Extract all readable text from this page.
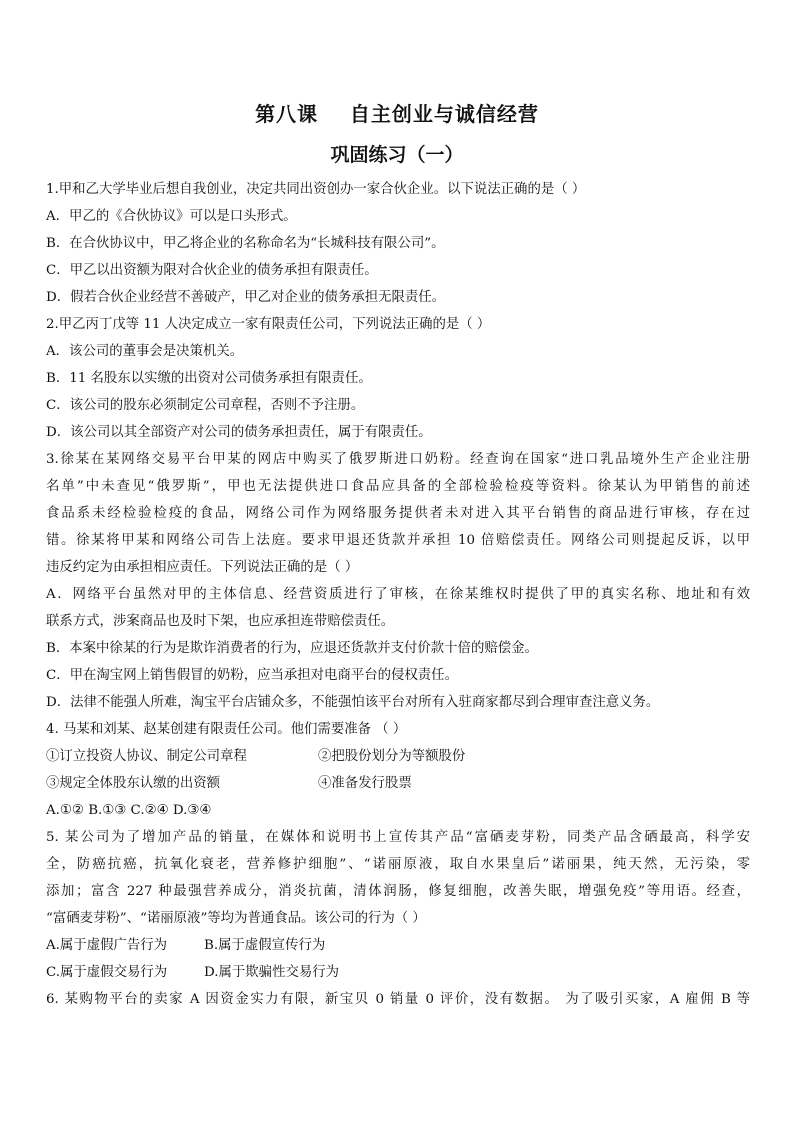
第八课    自主创业与诚信经营
巩固练习（一）
1.甲和乙大学毕业后想自我创业，决定共同出资创办一家合伙企业。以下说法正确的是（ ）
A．甲乙的《合伙协议》可以是口头形式。
B．在合伙协议中，甲乙将企业的名称命名为“长城科技有限公司”。
C．甲乙以出资额为限对合伙企业的债务承担有限责任。
D．假若合伙企业经营不善破产，甲乙对企业的债务承担无限责任。
2.甲乙丙丁戊等 11 人决定成立一家有限责任公司，下列说法正确的是（ ）
A．该公司的董事会是决策机关。
B．11 名股东以实缴的出资对公司债务承担有限责任。
C．该公司的股东必须制定公司章程，否则不予注册。
D．该公司以其全部资产对公司的债务承担责任，属于有限责任。
3.徐某在某网络交易平台甲某的网店中购买了俄罗斯进口奶粉。经查询在国家“进口乳品境外生产企业注册
名单”中未查见“俄罗斯”，甲也无法提供进口食品应具备的全部检验检疫等资料。徐某认为甲销售的前述
食品系未经检验检疫的食品，网络公司作为网络服务提供者未对进入其平台销售的商品进行审核，存在过
错。徐某将甲某和网络公司告上法庭。要求甲退还货款并承担 10 倍赔偿责任。网络公司则提起反诉，以甲
违反约定为由承担相应责任。下列说法正确的是（ ）
A．网络平台虽然对甲的主体信息、经营资质进行了审核，在徐某维权时提供了甲的真实名称、地址和有效
联系方式，涉案商品也及时下架，也应承担连带赔偿责任。
B．本案中徐某的行为是欺诈消费者的行为，应退还货款并支付价款十倍的赔偿金。
C．甲在淘宝网上销售假冒的奶粉，应当承担对电商平台的侵权责任。
D．法律不能强人所难，淘宝平台店铺众多，不能强怕该平台对所有入驻商家都尽到合理审查注意义务。
4. 马某和刘某、赵某创建有限责任公司。他们需要准备 （ ）
①订立投资人协议、制定公司章程	②把股份划分为等额股份
③规定全体股东认缴的出资额	④准备发行股票
A.①② B.①③ C.②④ D.③④
5. 某公司为了增加产品的销量，在媒体和说明书上宣传其产品“富硒麦芽粉，同类产品含硒最高，科学安
全，防癌抗癌，抗氧化衰老，营养修护细胞”、“诺丽原液，取自水果皇后”诺丽果，纯天然，无污染，零
添加；富含 227 种最强营养成分，消炎抗菌，清体润肠，修复细胞，改善失眠，增强免疫”等用语。经查，
“富硒麦芽粉”、“诺丽原液”等均为普通食品。该公司的行为（ ）
A.属于虚假广告行为	B.属于虚假宣传行为
C.属于虚假交易行为	D.属于欺骗性交易行为
6. 某购物平台的卖家 A 因资金实力有限，新宝贝 0 销量 0 评价，没有数据。 为了吸引买家，A 雇佣 B 等
